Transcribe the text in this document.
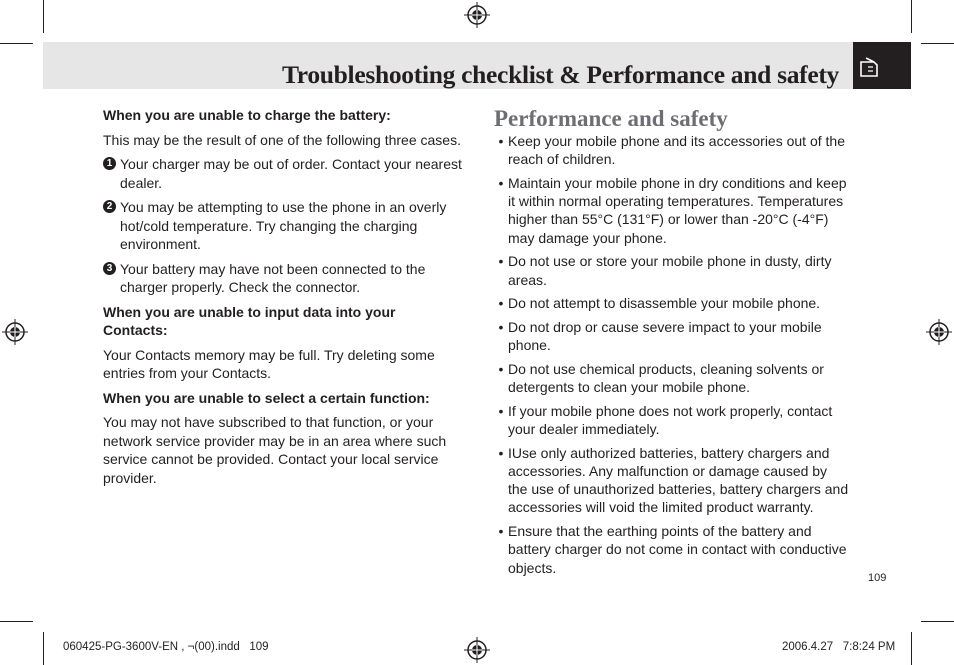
Troubleshooting checklist & Performance and safety

When you are unable to charge the battery:

This may be the result of one of the following three cases.

1 Your charger may be out of order. Contact your nearest dealer.
2 You may be attempting to use the phone in an overly hot/cold temperature. Try changing the charging environment.
3 Your battery may have not been connected to the charger properly. Check the connector.

When you are unable to input data into your Contacts:

Your Contacts memory may be full. Try deleting some entries from your Contacts.

When you are unable to select a certain function:

You may not have subscribed to that function, or your network service provider may be in an area where such service cannot be provided. Contact your local service provider.

Performance and safety
• Keep your mobile phone and its accessories out of the reach of children.
• Maintain your mobile phone in dry conditions and keep it within normal operating temperatures. Temperatures higher than 55°C (131°F) or lower than -20°C (-4°F) may damage your phone.
• Do not use or store your mobile phone in dusty, dirty areas.
• Do not attempt to disassemble your mobile phone.
• Do not drop or cause severe impact to your mobile phone.
• Do not use chemical products, cleaning solvents or detergents to clean your mobile phone.
• If your mobile phone does not work properly, contact your dealer immediately.
• IUse only authorized batteries, battery chargers and accessories. Any malfunction or damage caused by the use of unauthorized batteries, battery chargers and accessories will void the limited product warranty.
• Ensure that the earthing points of the battery and battery charger do not come in contact with conductive objects.
109
060425-PG-3600V-EN , ¬(00).indd   109	2006.4.27   7:8:24 PM
